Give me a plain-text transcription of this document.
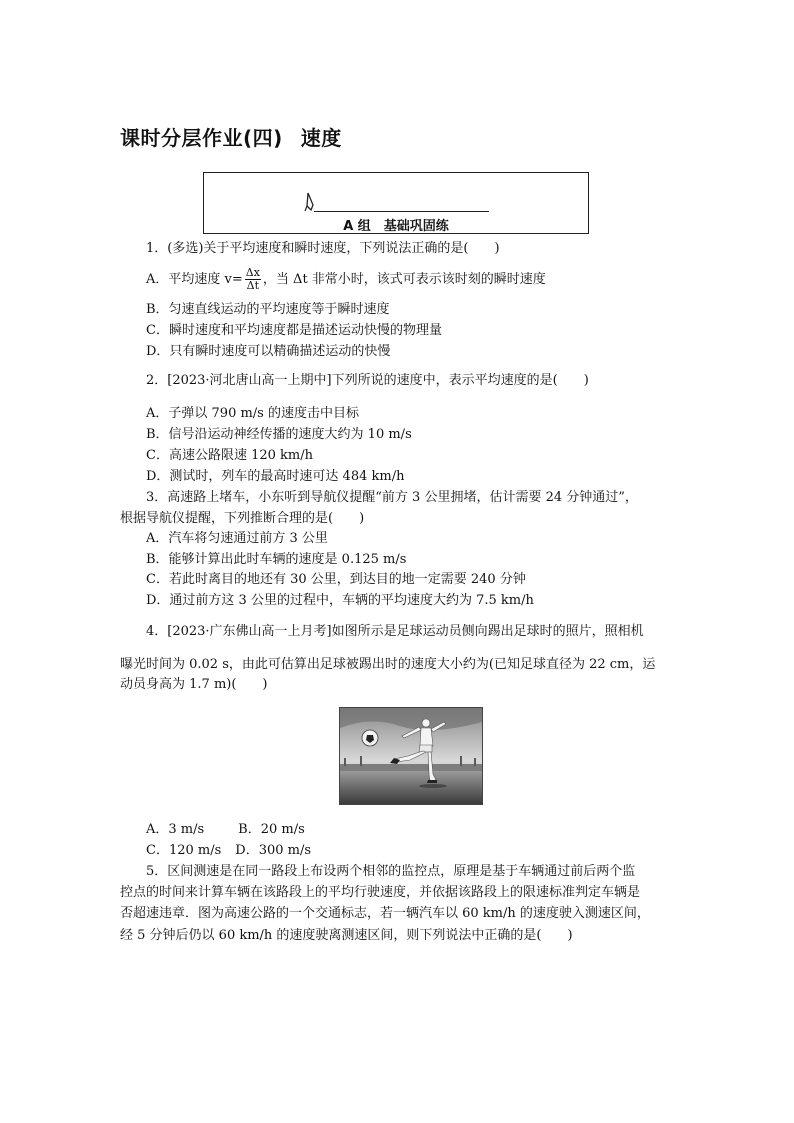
课时分层作业(四) 速度
A 组　基础巩固练
1．(多选)关于平均速度和瞬时速度，下列说法正确的是(　　)
A．平均速度 $v= \frac{\Delta x}{\Delta t}$ ，当 Δt 非常小时，该式可表示该时刻的瞬时速度
B．匀速直线运动的平均速度等于瞬时速度
C．瞬时速度和平均速度都是描述运动快慢的物理量
D．只有瞬时速度可以精确描述运动的快慢
2．[2023·河北唐山高一上期中]下列所说的速度中，表示平均速度的是(　　)
A．子弹以 790 m/s 的速度击中目标
B．信号沿运动神经传播的速度大约为 10 m/s
C．高速公路限速 120 km/h
D．测试时，列车的最高时速可达 484 km/h
3．高速路上堵车，小东听到导航仪提醒“前方 3 公里拥堵，估计需要 24 分钟通过”，
根据导航仪提醒，下列推断合理的是(　　)
A．汽车将匀速通过前方 3 公里
B．能够计算出此时车辆的速度是 0.125 m/s
C．若此时离目的地还有 30 公里，到达目的地一定需要 240 分钟
D．通过前方这 3 公里的过程中，车辆的平均速度大约为 7.5 km/h
4．[2023·广东佛山高一上月考]如图所示是足球运动员侧向踢出足球时的照片，照相机
曝光时间为 0.02 s，由此可估算出足球被踢出时的速度大小约为(已知足球直径为 22 cm，运
动员身高为 1.7 m)(　　)
A．3 m/s	B．20 m/s
C．120 m/s D．300 m/s
5．区间测速是在同一路段上布设两个相邻的监控点，原理是基于车辆通过前后两个监
控点的时间来计算车辆在该路段上的平均行驶速度，并依据该路段上的限速标准判定车辆是
否超速违章．图为高速公路的一个交通标志，若一辆汽车以 60 km/h 的速度驶入测速区间，
经 5 分钟后仍以 60 km/h 的速度驶离测速区间，则下列说法中正确的是(　　)
